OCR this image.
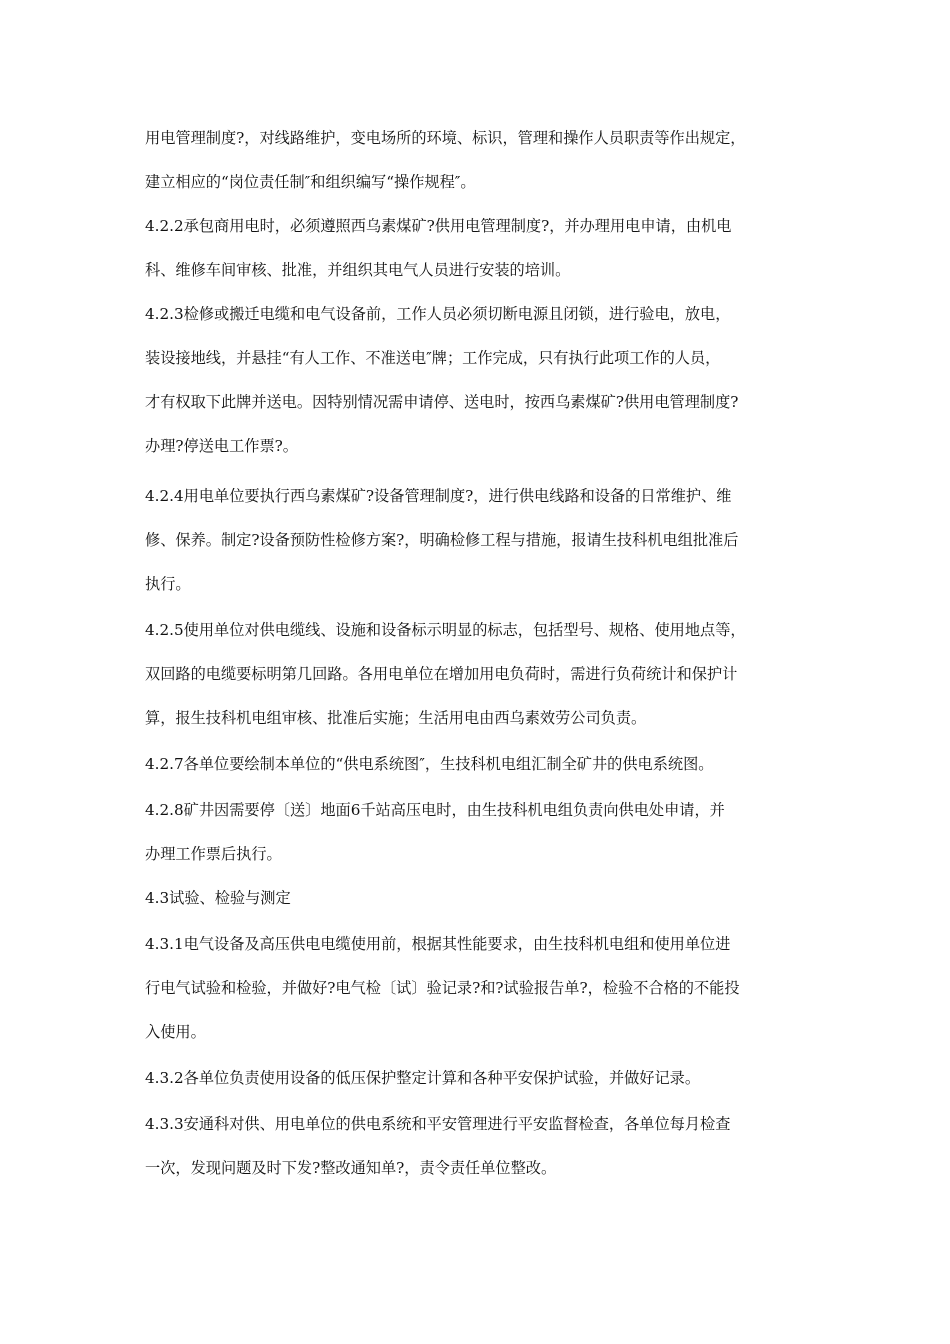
用电管理制度?，对线路维护，变电场所的环境、标识，管理和操作人员职责等作出规定，
建立相应的“岗位责任制″和组织编写“操作规程″。
4.2.2承包商用电时，必须遵照西乌素煤矿?供用电管理制度?，并办理用电申请，由机电
科、维修车间审核、批准，并组织其电气人员进行安装的培训。
4.2.3检修或搬迁电缆和电气设备前，工作人员必须切断电源且闭锁，进行验电，放电，
装设接地线，并悬挂“有人工作、不准送电″牌；工作完成，只有执行此项工作的人员，
才有权取下此牌并送电。因特别情况需申请停、送电时，按西乌素煤矿?供用电管理制度?
办理?停送电工作票?。
4.2.4用电单位要执行西乌素煤矿?设备管理制度?，进行供电线路和设备的日常维护、维
修、保养。制定?设备预防性检修方案?，明确检修工程与措施，报请生技科机电组批准后
执行。
4.2.5使用单位对供电缆线、设施和设备标示明显的标志，包括型号、规格、使用地点等，
双回路的电缆要标明第几回路。各用电单位在增加用电负荷时，需进行负荷统计和保护计
算，报生技科机电组审核、批准后实施；生活用电由西乌素效劳公司负责。
4.2.7各单位要绘制本单位的“供电系统图″，生技科机电组汇制全矿井的供电系统图。
4.2.8矿井因需要停〔送〕地面6千站高压电时，由生技科机电组负责向供电处申请，并
办理工作票后执行。
4.3试验、检验与测定
4.3.1电气设备及高压供电电缆使用前，根据其性能要求，由生技科机电组和使用单位进
行电气试验和检验，并做好?电气检〔试〕验记录?和?试验报告单?，检验不合格的不能投
入使用。
4.3.2各单位负责使用设备的低压保护整定计算和各种平安保护试验，并做好记录。
4.3.3安通科对供、用电单位的供电系统和平安管理进行平安监督检查，各单位每月检查
一次，发现问题及时下发?整改通知单?，责令责任单位整改。
